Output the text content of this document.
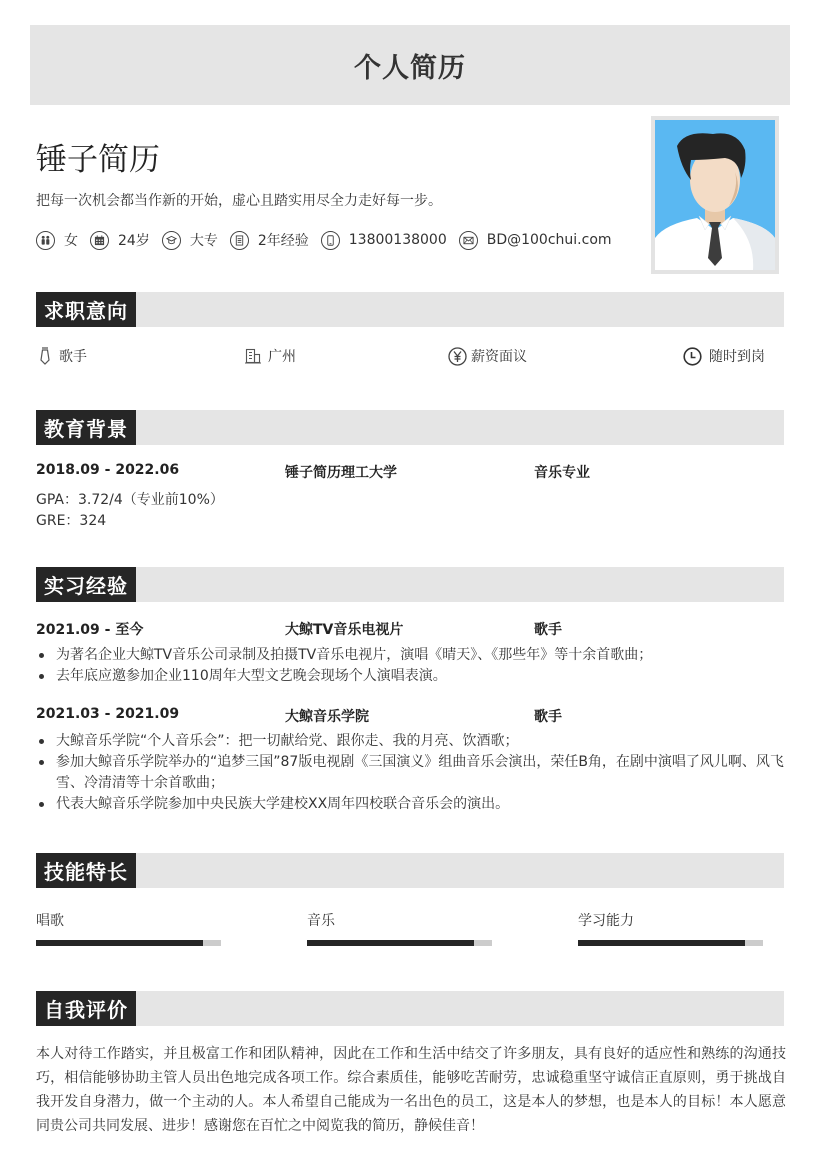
个人简历
锤子简历
把每一次机会都当作新的开始，虚心且踏实用尽全力走好每一步。
女	24岁	大专	2年经验	13800138000	BD@100chui.com
求职意向
歌手	广州	薪资面议	随时到岗
教育背景
2018.09 - 2022.06	锤子简历理工大学	音乐专业
GPA：3.72/4（专业前10%）
GRE：324
实习经验
2021.09 - 至今	大鲸TV音乐电视片	歌手
为著名企业大鲸TV音乐公司录制及拍摄TV音乐电视片，演唱《晴天》、《那些年》等十余首歌曲；
去年底应邀参加企业110周年大型文艺晚会现场个人演唱表演。
2021.03 - 2021.09	大鲸音乐学院	歌手
大鲸音乐学院“个人音乐会”：把一切献给党、跟你走、我的月亮、饮酒歌；
参加大鲸音乐学院举办的“追梦三国”87版电视剧《三国演义》组曲音乐会演出，荣任B角，在剧中演唱了风儿啊、风飞雪、冷清清等十余首歌曲；
代表大鲸音乐学院参加中央民族大学建校XX周年四校联合音乐会的演出。
技能特长
唱歌	音乐	学习能力
自我评价
本人对待工作踏实，并且极富工作和团队精神，因此在工作和生活中结交了许多朋友，具有良好的适应性和熟练的沟通技巧，相信能够协助主管人员出色地完成各项工作。综合素质佳，能够吃苦耐劳，忠诚稳重坚守诚信正直原则，勇于挑战自我开发自身潜力，做一个主动的人。本人希望自己能成为一名出色的员工，这是本人的梦想，也是本人的目标！本人愿意同贵公司共同发展、进步！感谢您在百忙之中阅览我的简历，静候佳音！
